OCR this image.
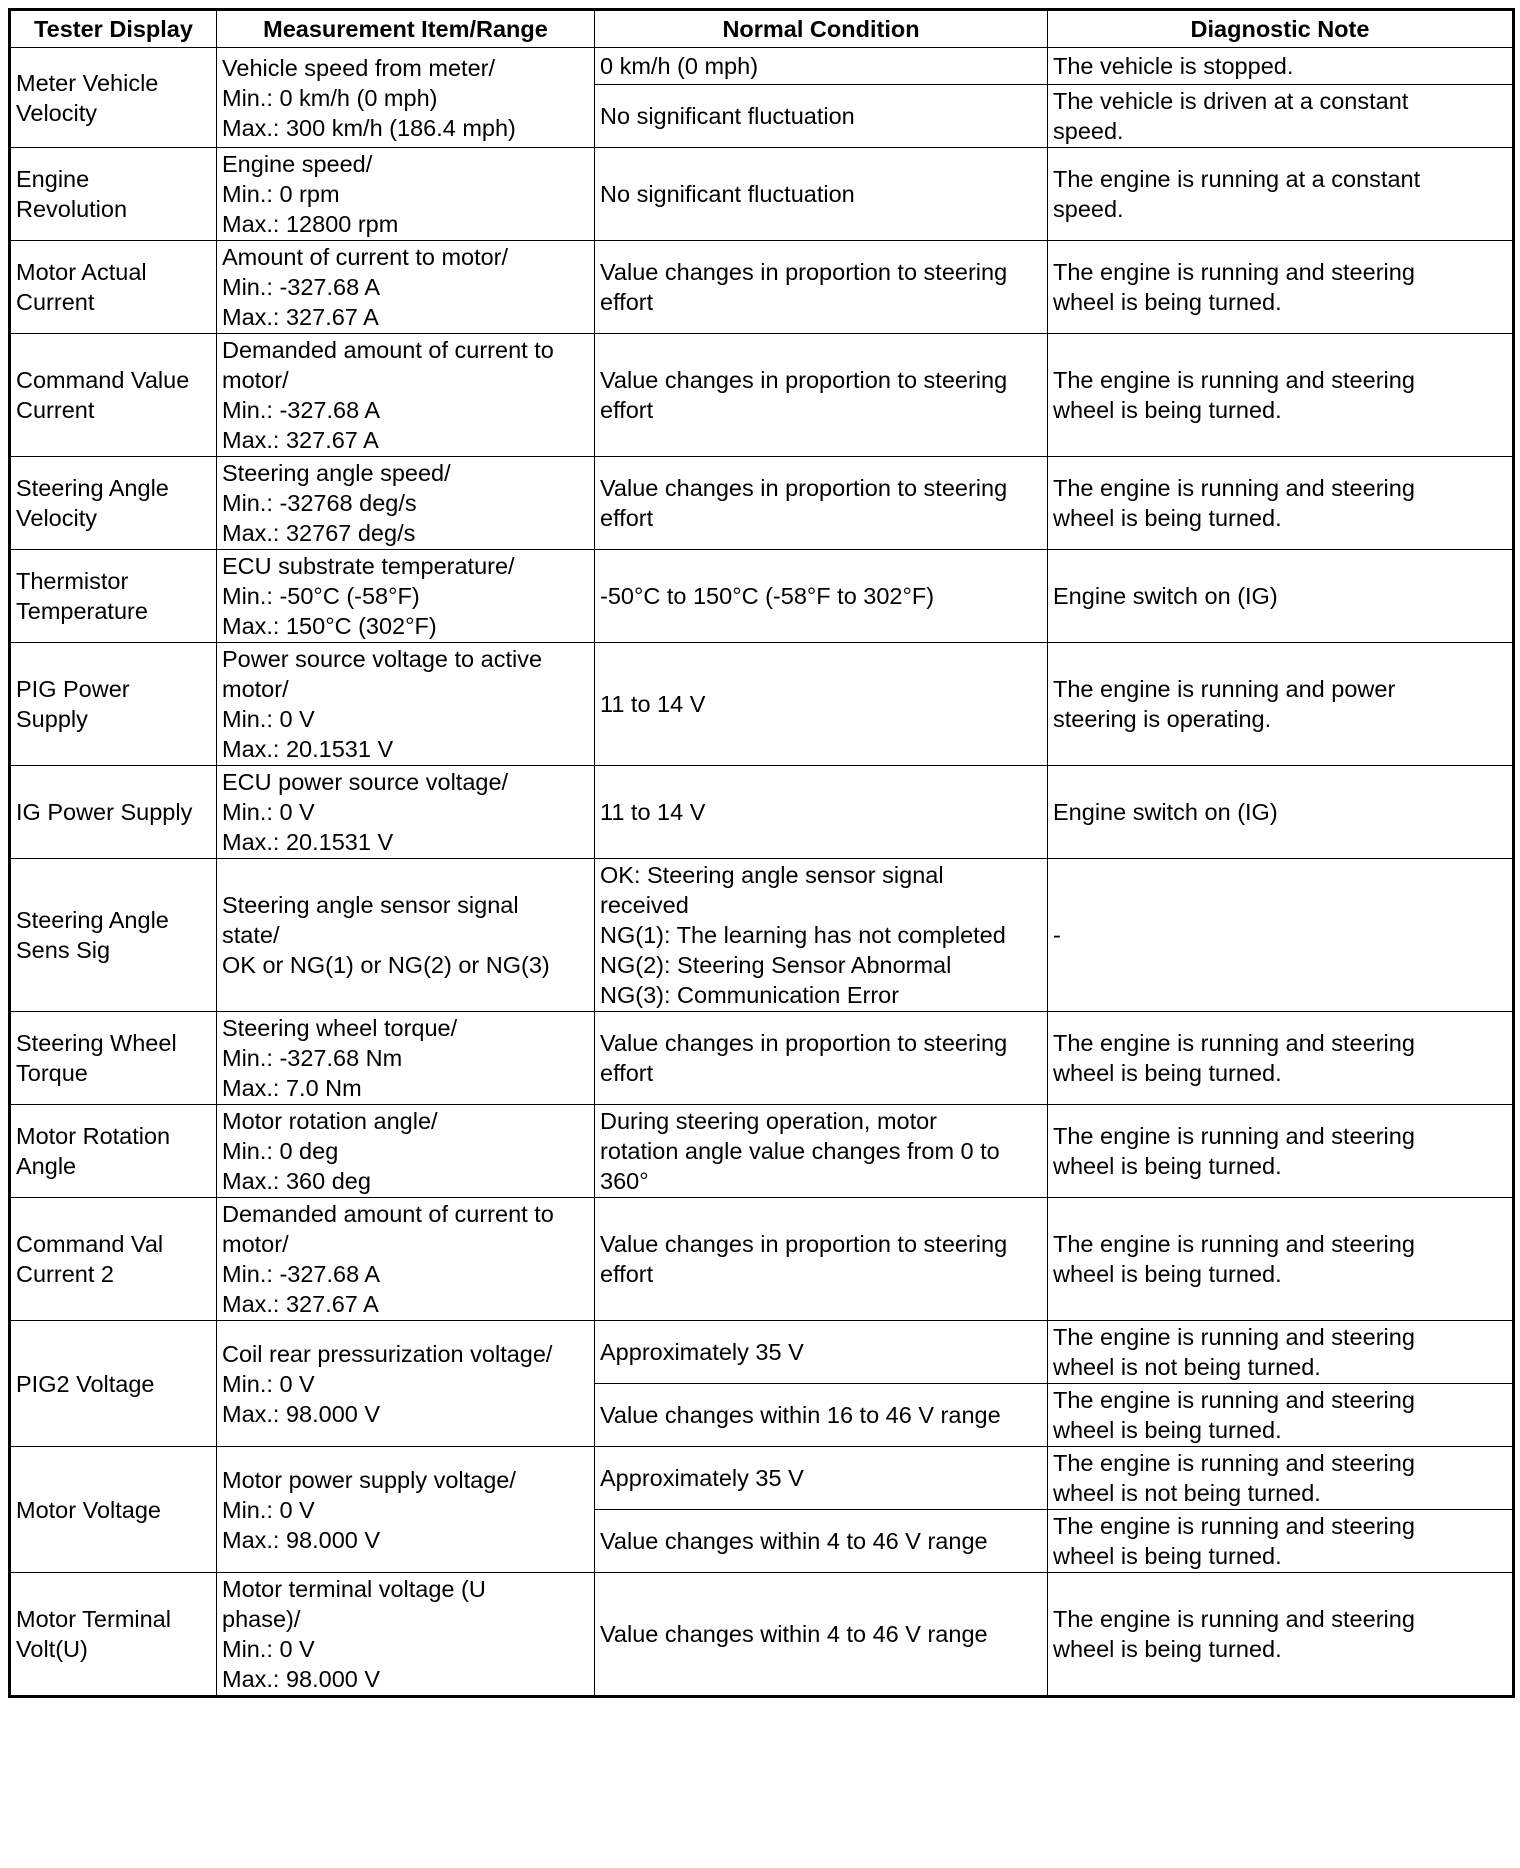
Tester Display	Measurement Item/Range	Normal Condition	Diagnostic Note
Meter Vehicle
Velocity	Vehicle speed from meter/
Min.: 0 km/h (0 mph)
Max.: 300 km/h (186.4 mph)	0 km/h (0 mph)	The vehicle is stopped.
		No significant fluctuation	The vehicle is driven at a constant
speed.
Engine
Revolution	Engine speed/
Min.: 0 rpm
Max.: 12800 rpm	No significant fluctuation	The engine is running at a constant
speed.
Motor Actual
Current	Amount of current to motor/
Min.: -327.68 A
Max.: 327.67 A	Value changes in proportion to steering
effort	The engine is running and steering
wheel is being turned.
Command Value
Current	Demanded amount of current to
motor/
Min.: -327.68 A
Max.: 327.67 A	Value changes in proportion to steering
effort	The engine is running and steering
wheel is being turned.
Steering Angle
Velocity	Steering angle speed/
Min.: -32768 deg/s
Max.: 32767 deg/s	Value changes in proportion to steering
effort	The engine is running and steering
wheel is being turned.
Thermistor
Temperature	ECU substrate temperature/
Min.: -50°C (-58°F)
Max.: 150°C (302°F)	-50°C to 150°C (-58°F to 302°F)	Engine switch on (IG)
PIG Power
Supply	Power source voltage to active
motor/
Min.: 0 V
Max.: 20.1531 V	11 to 14 V	The engine is running and power
steering is operating.
IG Power Supply	ECU power source voltage/
Min.: 0 V
Max.: 20.1531 V	11 to 14 V	Engine switch on (IG)
Steering Angle
Sens Sig	Steering angle sensor signal
state/
OK or NG(1) or NG(2) or NG(3)	OK: Steering angle sensor signal
received
NG(1): The learning has not completed
NG(2): Steering Sensor Abnormal
NG(3): Communication Error	-
Steering Wheel
Torque	Steering wheel torque/
Min.: -327.68 Nm
Max.: 7.0 Nm	Value changes in proportion to steering
effort	The engine is running and steering
wheel is being turned.
Motor Rotation
Angle	Motor rotation angle/
Min.: 0 deg
Max.: 360 deg	During steering operation, motor
rotation angle value changes from 0 to
360°	The engine is running and steering
wheel is being turned.
Command Val
Current 2	Demanded amount of current to
motor/
Min.: -327.68 A
Max.: 327.67 A	Value changes in proportion to steering
effort	The engine is running and steering
wheel is being turned.
PIG2 Voltage	Coil rear pressurization voltage/
Min.: 0 V
Max.: 98.000 V	Approximately 35 V	The engine is running and steering
wheel is not being turned.
		Value changes within 16 to 46 V range	The engine is running and steering
wheel is being turned.
Motor Voltage	Motor power supply voltage/
Min.: 0 V
Max.: 98.000 V	Approximately 35 V	The engine is running and steering
wheel is not being turned.
		Value changes within 4 to 46 V range	The engine is running and steering
wheel is being turned.
Motor Terminal
Volt(U)	Motor terminal voltage (U
phase)/
Min.: 0 V
Max.: 98.000 V	Value changes within 4 to 46 V range	The engine is running and steering
wheel is being turned.
